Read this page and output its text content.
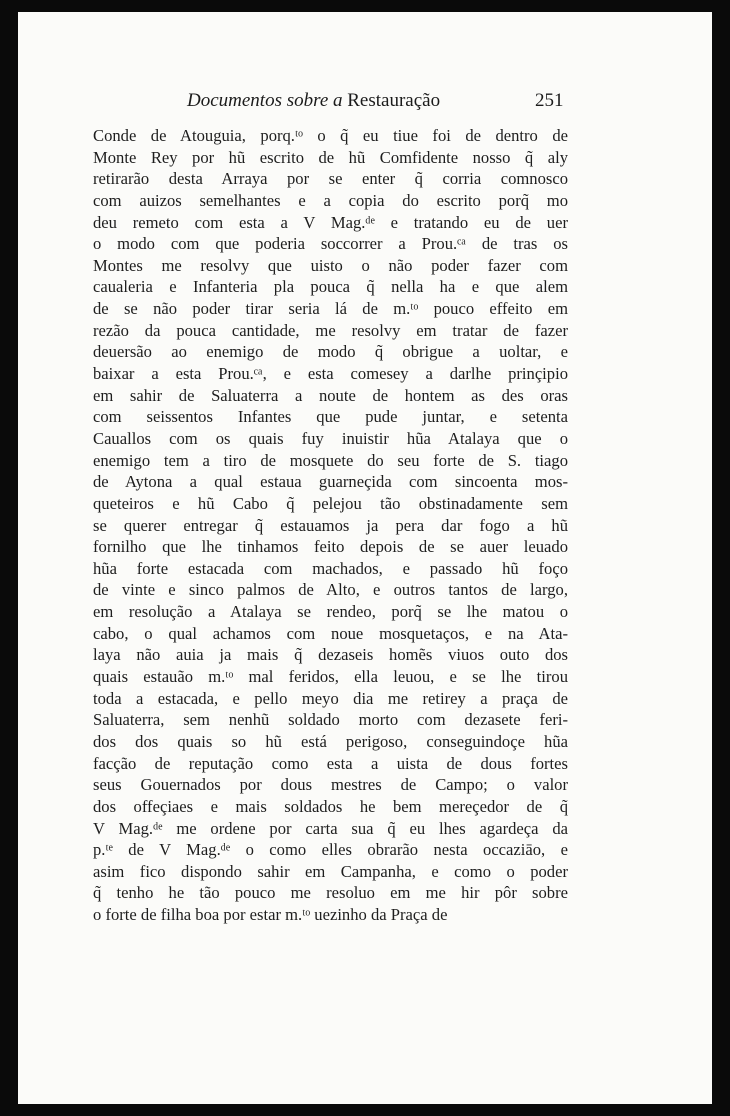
Documentos sobre a Restauração	251
Conde de Atouguia, porq.ᵗᵒ o q̃ eu tiue foi de dentro de
Monte Rey por hũ escrito de hũ Comfidente nosso q̃ aly
retirarão desta Arraya por se enter q̃ corria comnosco
com auizos semelhantes e a copia do escrito porq̃ mo
deu remeto com esta a V Mag.ᵈᵉ e tratando eu de uer
o modo com que poderia soccorrer a Prou.ᶜᵃ de tras os
Montes me resolvy que uisto o não poder fazer com
caualeria e Infanteria pla pouca q̃ nella ha e que alem
de se não poder tirar seria lá de m.ᵗᵒ pouco effeito em
rezão da pouca cantidade, me resolvy em tratar de fazer
deuersão ao enemigo de modo q̃ obrigue a uoltar, e
baixar a esta Prou.ᶜᵃ, e esta comesey a darlhe prinçipio
em sahir de Saluaterra a noute de hontem as des oras
com seissentos Infantes que pude juntar, e setenta
Cauallos com os quais fuy inuistir hũa Atalaya que o
enemigo tem a tiro de mosquete do seu forte de S. tiago
de Aytona a qual estaua guarneçida com sincoenta mos-
queteiros e hũ Cabo q̃ pelejou tão obstinadamente sem
se querer entregar q̃ estauamos ja pera dar fogo a hũ
fornilho que lhe tinhamos feito depois de se auer leuado
hũa forte estacada com machados, e passado hũ foço
de vinte e sinco palmos de Alto, e outros tantos de largo,
em resolução a Atalaya se rendeo, porq̃ se lhe matou o
cabo, o qual achamos com noue mosquetaços, e na Ata-
laya não auia ja mais q̃ dezaseis homẽs viuos outo dos
quais estauão m.ᵗᵒ mal feridos, ella leuou, e se lhe tirou
toda a estacada, e pello meyo dia me retirey a praça de
Saluaterra, sem nenhũ soldado morto com dezasete feri-
dos dos quais so hũ está perigoso, conseguindoçe hũa
facção de reputação como esta a uista de dous fortes
seus Gouernados por dous mestres de Campo; o valor
dos offeçiaes e mais soldados he bem mereçedor de q̃
V Mag.ᵈᵉ me ordene por carta sua q̃ eu lhes agardeça da
p.ᵗᵉ de V Mag.ᵈᵉ o como elles obrarão nesta occaziāo, e
asim fico dispondo sahir em Campanha, e como o poder
q̃ tenho he tão pouco me resoluo em me hir pôr sobre
o forte de filha boa por estar m.ᵗᵒ uezinho da Praça de
